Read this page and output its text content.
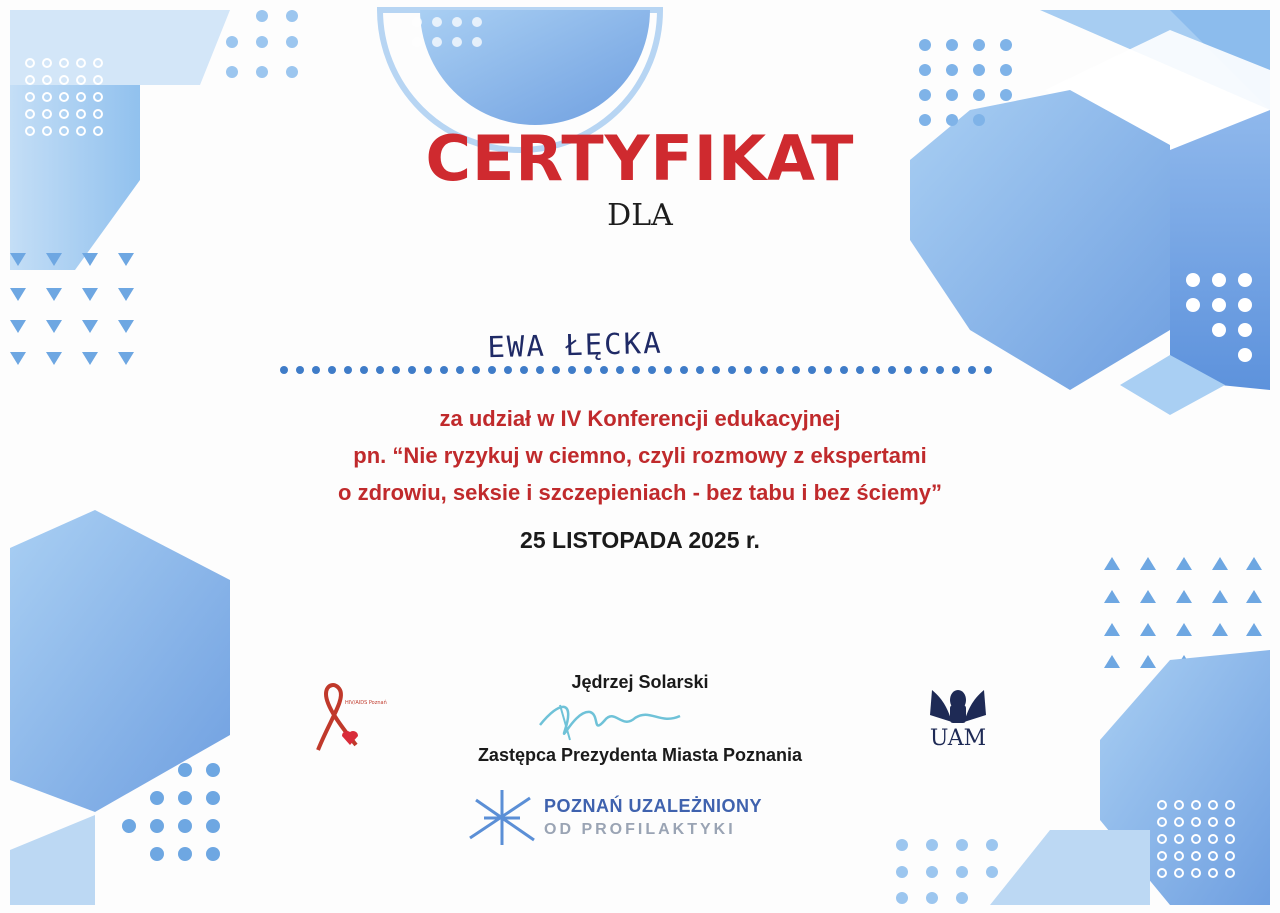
CERTYFIKAT
DLA
EWA ŁĘCKA
za udział w IV Konferencji edukacyjnej
pn. “Nie ryzykuj w ciemno, czyli rozmowy z ekspertami
o zdrowiu, seksie i szczepieniach - bez tabu i bez ściemy”
25 LISTOPADA 2025 r.
Jędrzej Solarski
Zastępca Prezydenta Miasta Poznania
HIV/AIDS Poznań
POZNAŃ UZALEŻNIONY
OD PROFILAKTYKI
UAM
